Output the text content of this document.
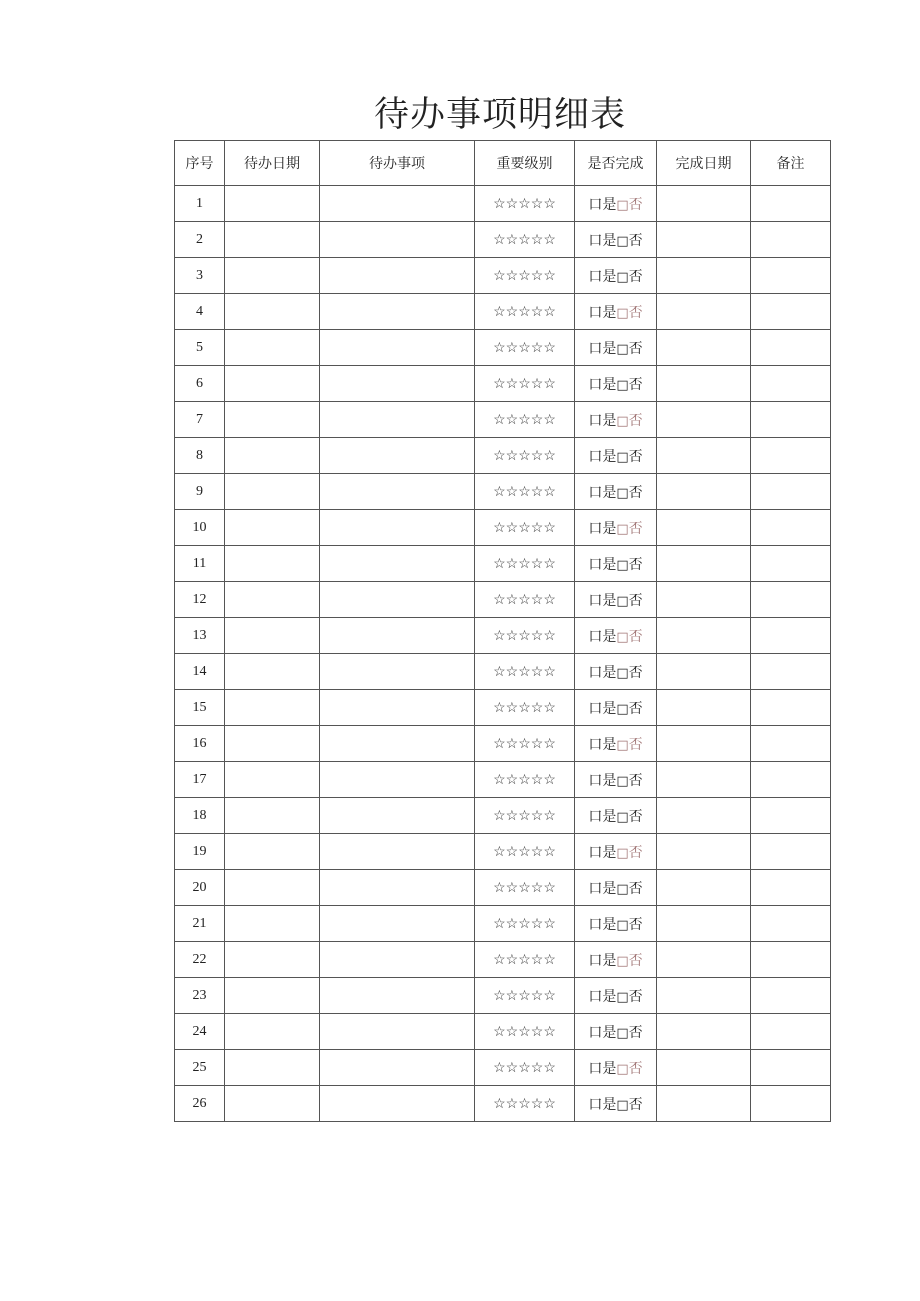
待办事项明细表
序号	待办日期	待办事项	重要级别	是否完成	完成日期	备注
1			☆☆☆☆☆	口是□否		
2			☆☆☆☆☆	口是□否		
3			☆☆☆☆☆	口是□否		
4			☆☆☆☆☆	口是□否		
5			☆☆☆☆☆	口是□否		
6			☆☆☆☆☆	口是□否		
7			☆☆☆☆☆	口是□否		
8			☆☆☆☆☆	口是□否		
9			☆☆☆☆☆	口是□否		
10			☆☆☆☆☆	口是□否		
11			☆☆☆☆☆	口是□否		
12			☆☆☆☆☆	口是□否		
13			☆☆☆☆☆	口是□否		
14			☆☆☆☆☆	口是□否		
15			☆☆☆☆☆	口是□否		
16			☆☆☆☆☆	口是□否		
17			☆☆☆☆☆	口是□否		
18			☆☆☆☆☆	口是□否		
19			☆☆☆☆☆	口是□否		
20			☆☆☆☆☆	口是□否		
21			☆☆☆☆☆	口是□否		
22			☆☆☆☆☆	口是□否		
23			☆☆☆☆☆	口是□否		
24			☆☆☆☆☆	口是□否		
25			☆☆☆☆☆	口是□否		
26			☆☆☆☆☆	口是□否		
